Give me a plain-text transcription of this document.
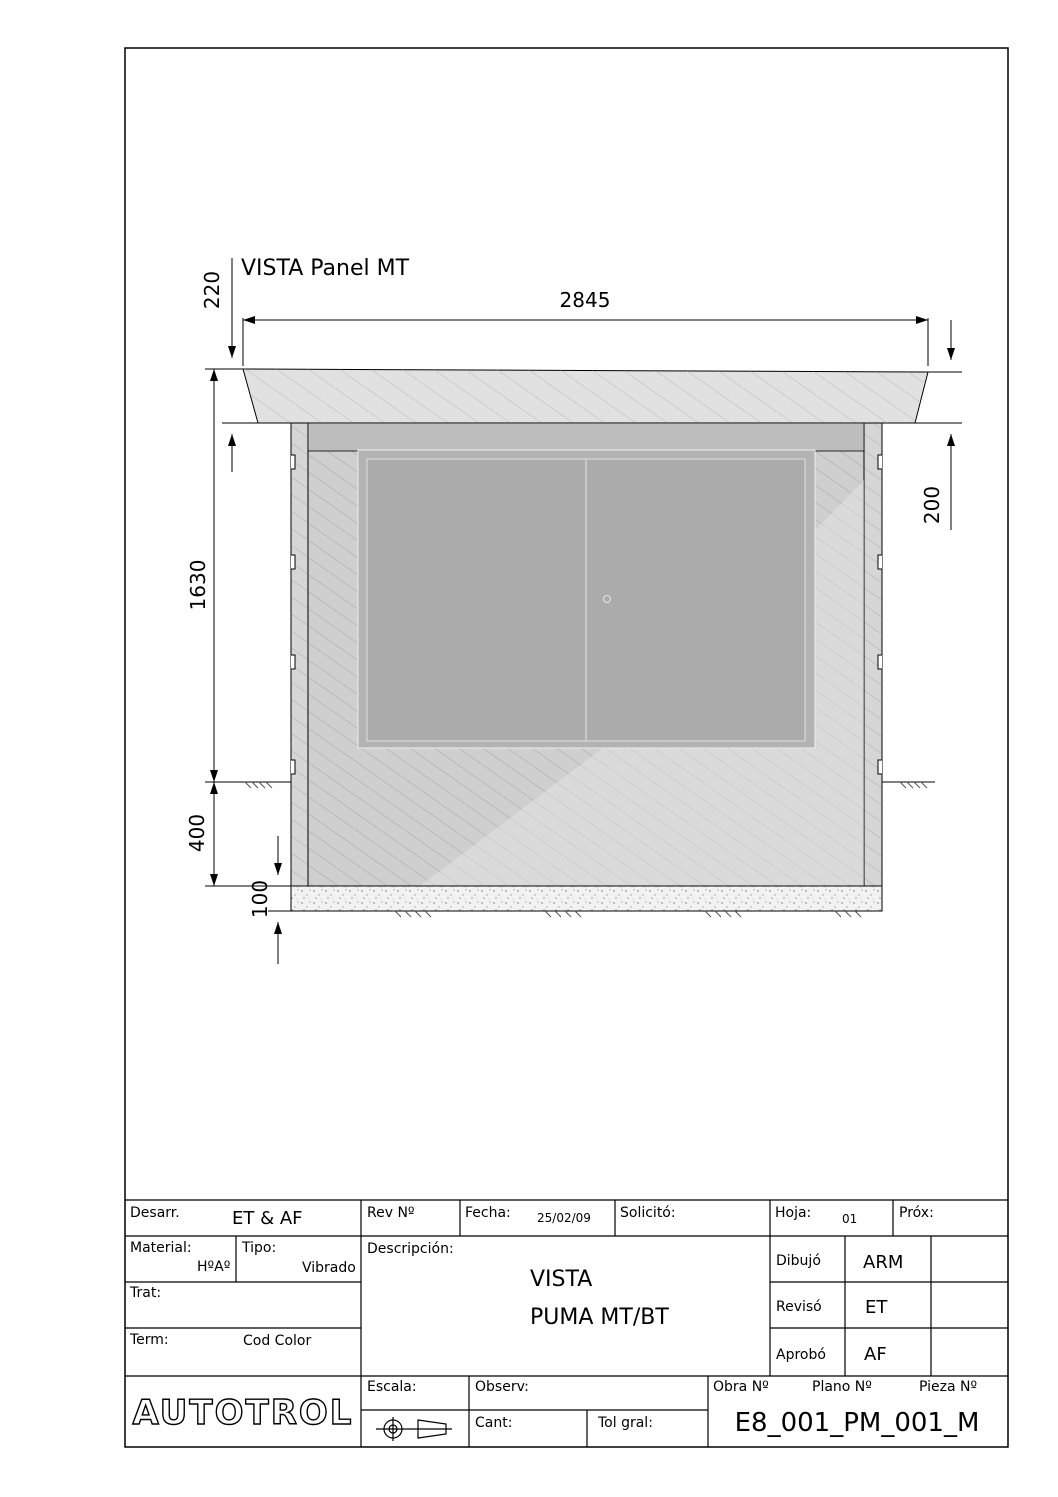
VISTA Panel MT
2845
220
200
1630
400
100
Desarr.	ET & AF	Rev Nº	Fecha: 25/02/09 Solicitó:	Hoja:	01	Próx:
Material:
HºAº
Tipo:
Vibrado
Descripción:
VISTA
PUMA MT/BT
Dibujó ARM
Trat:
Revisó ET
Term:	Cod Color
Aprobó AF
AUTOTROL
Escala:	Observ:
Cant:	Tol gral:
Obra Nº	Plano Nº	Pieza Nº
E8_001_PM_001_M
